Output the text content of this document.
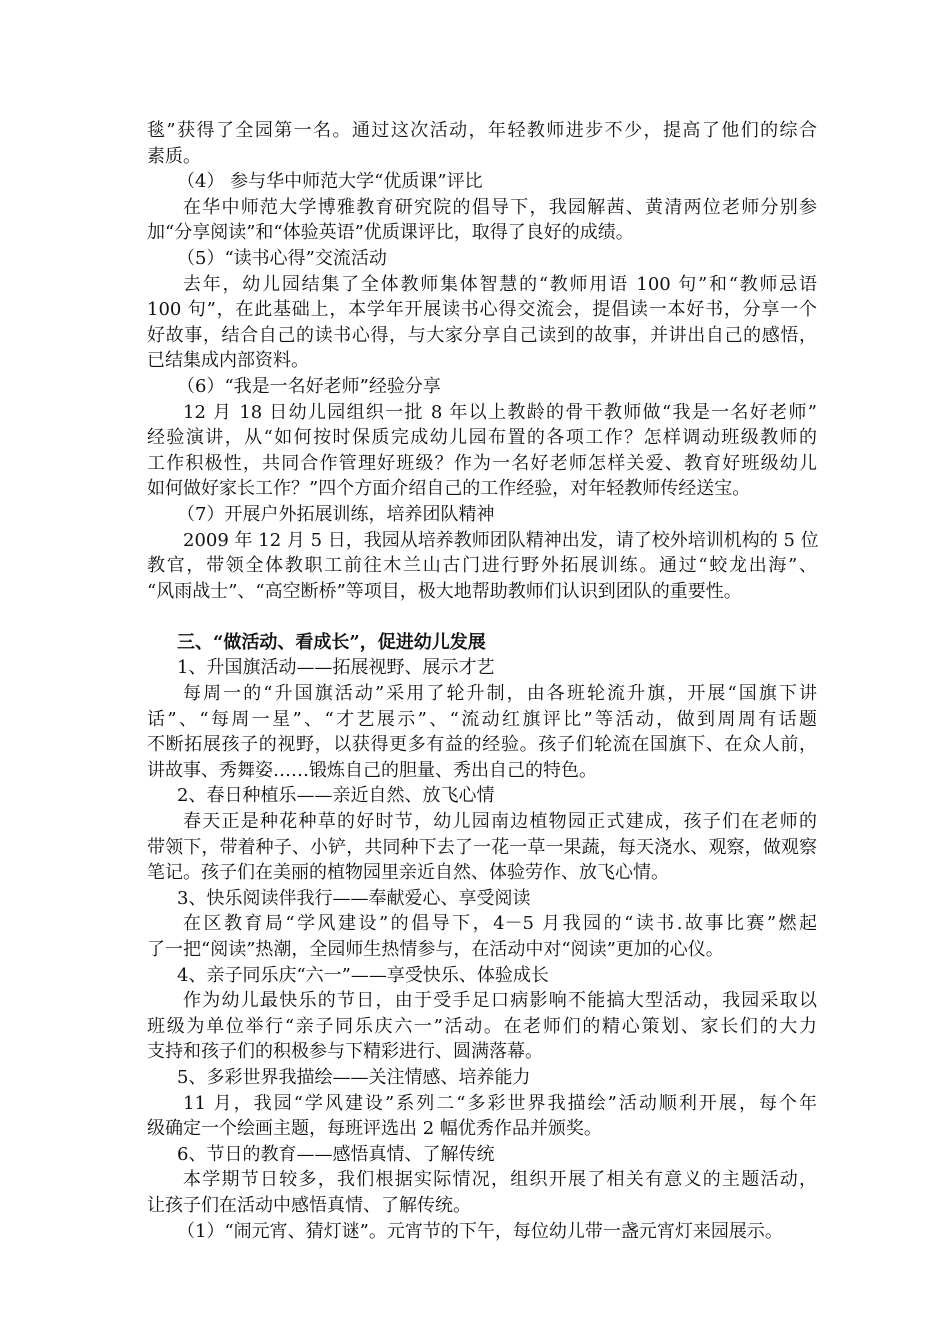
毯”获得了全园第一名。通过这次活动，年轻教师进步不少，提高了他们的综合
素质。
（4） 参与华中师范大学“优质课”评比
在华中师范大学博雅教育研究院的倡导下，我园解茜、黄清两位老师分别参
加“分享阅读”和“体验英语”优质课评比，取得了良好的成绩。
（5）“读书心得”交流活动
去年，幼儿园结集了全体教师集体智慧的“教师用语 100 句”和“教师忌语
100 句”，在此基础上，本学年开展读书心得交流会，提倡读一本好书，分享一个
好故事，结合自己的读书心得，与大家分享自己读到的故事，并讲出自己的感悟，
已结集成内部资料。
（6）“我是一名好老师”经验分享
12 月 18 日幼儿园组织一批 8 年以上教龄的骨干教师做“我是一名好老师”
经验演讲，从“如何按时保质完成幼儿园布置的各项工作？怎样调动班级教师的
工作积极性，共同合作管理好班级？作为一名好老师怎样关爱、教育好班级幼儿
如何做好家长工作？”四个方面介绍自己的工作经验，对年轻教师传经送宝。
（7）开展户外拓展训练，培养团队精神
2009 年 12 月 5 日，我园从培养教师团队精神出发，请了校外培训机构的 5 位
教官，带领全体教职工前往木兰山古门进行野外拓展训练。通过“蛟龙出海”、
“风雨战士”、“高空断桥”等项目，极大地帮助教师们认识到团队的重要性。
三、“做活动、看成长”，促进幼儿发展
1、升国旗活动——拓展视野、展示才艺
每周一的“升国旗活动”采用了轮升制，由各班轮流升旗，开展“国旗下讲
话”、“每周一星”、“才艺展示”、“流动红旗评比”等活动，做到周周有话题
不断拓展孩子的视野，以获得更多有益的经验。孩子们轮流在国旗下、在众人前，
讲故事、秀舞姿……锻炼自己的胆量、秀出自己的特色。
2、春日种植乐——亲近自然、放飞心情
春天正是种花种草的好时节，幼儿园南边植物园正式建成，孩子们在老师的
带领下，带着种子、小铲，共同种下去了一花一草一果蔬，每天浇水、观察，做观察
笔记。孩子们在美丽的植物园里亲近自然、体验劳作、放飞心情。
3、快乐阅读伴我行——奉献爱心、享受阅读
在区教育局“学风建设”的倡导下，4－5 月我园的“读书.故事比赛”燃起
了一把“阅读”热潮，全园师生热情参与，在活动中对“阅读”更加的心仪。
4、亲子同乐庆“六一”——享受快乐、体验成长
作为幼儿最快乐的节日，由于受手足口病影响不能搞大型活动，我园采取以
班级为单位举行“亲子同乐庆六一”活动。在老师们的精心策划、家长们的大力
支持和孩子们的积极参与下精彩进行、圆满落幕。
5、多彩世界我描绘——关注情感、培养能力
11 月，我园“学风建设”系列二“多彩世界我描绘”活动顺利开展，每个年
级确定一个绘画主题，每班评选出 2 幅优秀作品并颁奖。
6、节日的教育——感悟真情、了解传统
本学期节日较多，我们根据实际情况，组织开展了相关有意义的主题活动，
让孩子们在活动中感悟真情、了解传统。
（1）“闹元宵、猜灯谜”。元宵节的下午，每位幼儿带一盏元宵灯来园展示。
